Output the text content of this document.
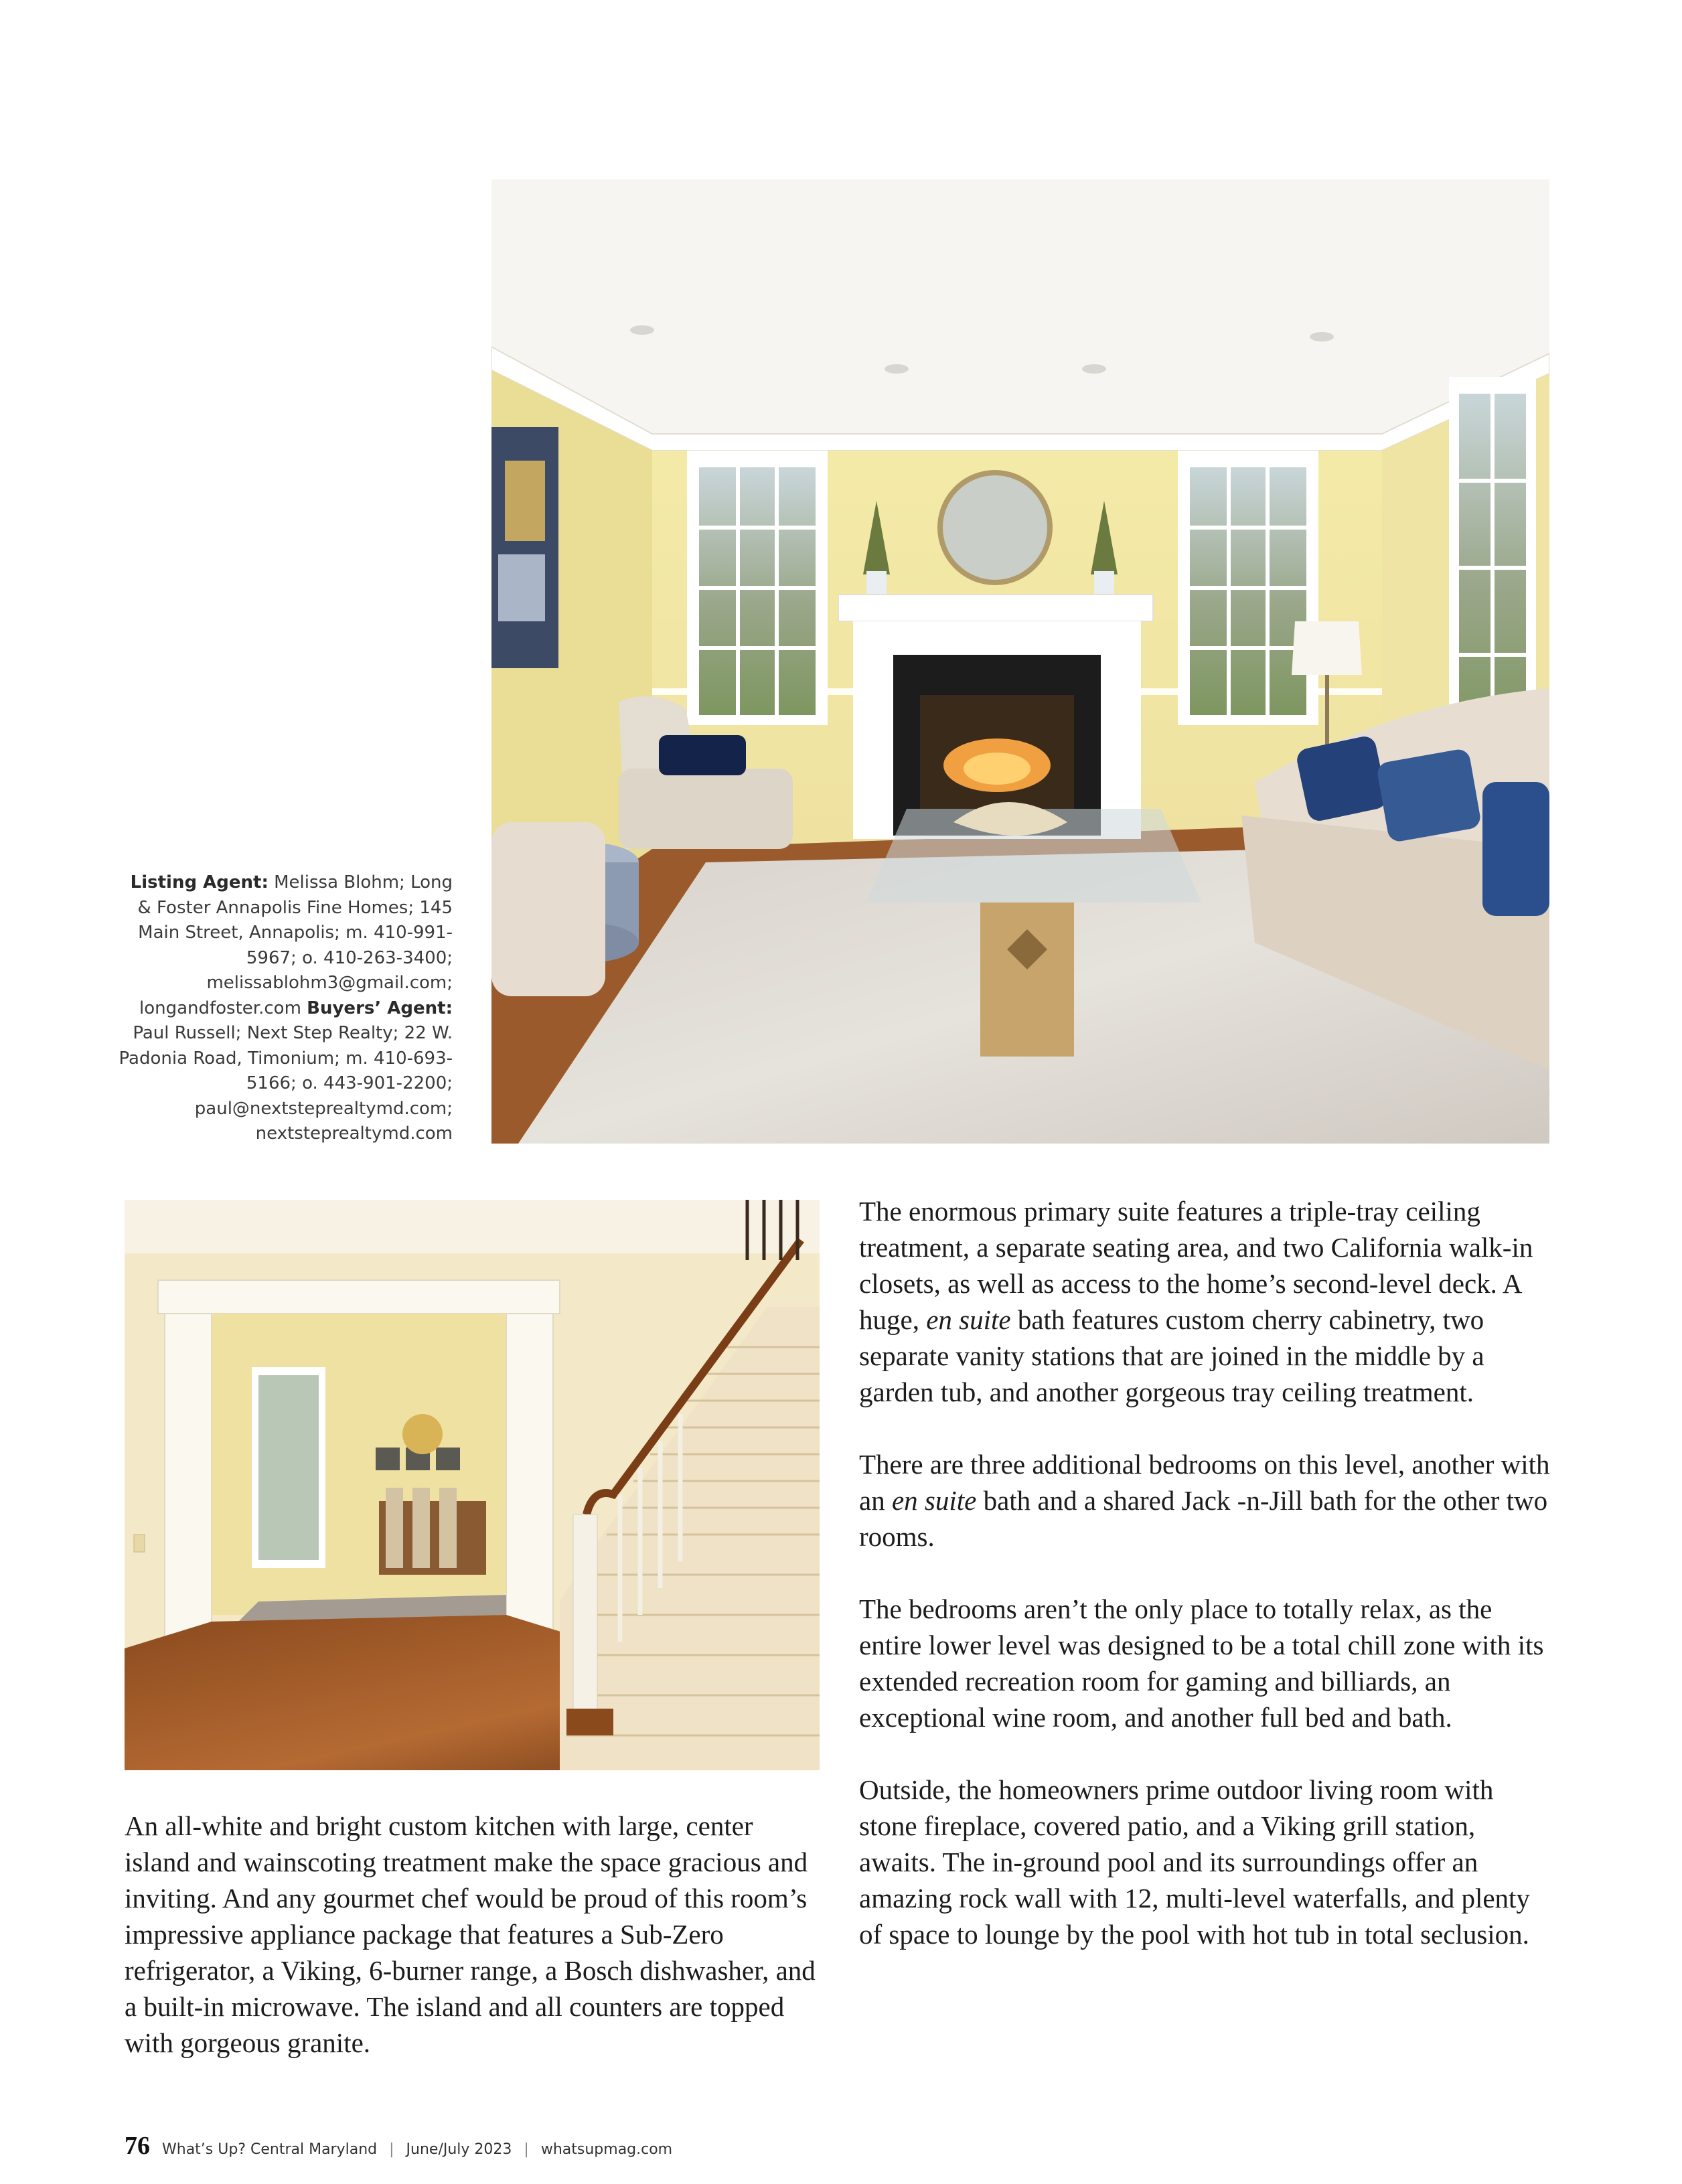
Listing Agent: Melissa Blohm; Long & Foster Annapolis Fine Homes; 145 Main Street, Annapolis; m. 410-991-5967; o. 410-263-3400; melissablohm3@gmail.com; longandfoster.com Buyers’ Agent: Paul Russell; Next Step Realty; 22 W. Padonia Road, Timonium; m. 410-693-5166; o. 443-901-2200; paul@nextsteprealtymd.com; nextsteprealtymd.com

The enormous primary suite features a triple-tray ceiling treatment, a separate seating area, and two California walk-in closets, as well as access to the home’s second-level deck. A huge, en suite bath features custom cherry cabinetry, two separate vanity stations that are joined in the middle by a garden tub, and another gorgeous tray ceiling treatment.

There are three additional bedrooms on this level, another with an en suite bath and a shared Jack -n-Jill bath for the other two rooms.

The bedrooms aren’t the only place to totally relax, as the entire lower level was designed to be a total chill zone with its extended recreation room for gaming and billiards, an exceptional wine room, and another full bed and bath.

Outside, the homeowners prime outdoor living room with stone fireplace, covered patio, and a Viking grill station, awaits. The in-ground pool and its surroundings offer an amazing rock wall with 12, multi-level waterfalls, and plenty of space to lounge by the pool with hot tub in total seclusion.

An all-white and bright custom kitchen with large, center island and wainscoting treatment make the space gracious and inviting. And any gourmet chef would be proud of this room’s impressive appliance package that features a Sub-Zero refrigerator, a Viking, 6-burner range, a Bosch dishwasher, and a built-in microwave. The island and all counters are topped with gorgeous granite.

76 What’s Up? Central Maryland | June/July 2023 | whatsupmag.com
